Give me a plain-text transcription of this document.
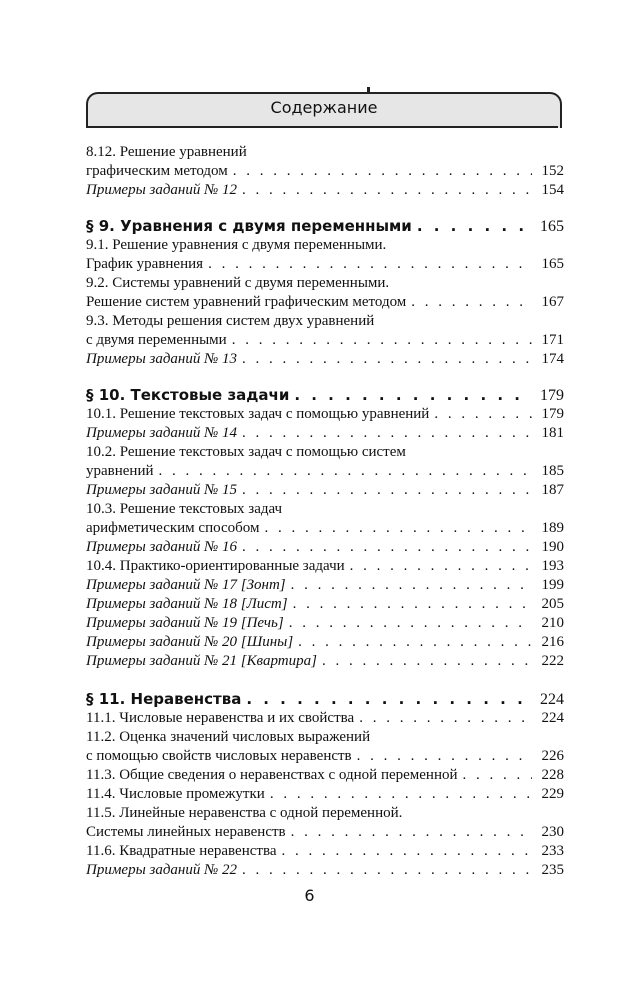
Содержание
8.12. Решение уравнений
графическим методом . . .	152
Примеры заданий № 12 . . .	154
§ 9. Уравнения с двумя переменными . . .	165
9.1. Решение уравнения с двумя переменными.
График уравнения . . .	165
9.2. Системы уравнений с двумя переменными.
Решение систем уравнений графическим методом . . .	167
9.3. Методы решения систем двух уравнений
с двумя переменными . . .	171
Примеры заданий № 13 . . .	174
§ 10. Текстовые задачи . . .	179
10.1. Решение текстовых задач с помощью уравнений . . .	179
Примеры заданий № 14 . . .	181
10.2. Решение текстовых задач с помощью систем
уравнений . . .	185
Примеры заданий № 15 . . .	187
10.3. Решение текстовых задач
арифметическим способом . . .	189
Примеры заданий № 16 . . .	190
10.4. Практико-ориентированные задачи . . .	193
Примеры заданий № 17 [Зонт] . . .	199
Примеры заданий № 18 [Лист] . . .	205
Примеры заданий № 19 [Печь] . . .	210
Примеры заданий № 20 [Шины] . . .	216
Примеры заданий № 21 [Квартира] . . .	222
§ 11. Неравенства . . .	224
11.1. Числовые неравенства и их свойства . . .	224
11.2. Оценка значений числовых выражений
с помощью свойств числовых неравенств . . .	226
11.3. Общие сведения о неравенствах с одной переменной . . .	228
11.4. Числовые промежутки . . .	229
11.5. Линейные неравенства с одной переменной.
Системы линейных неравенств . . .	230
11.6. Квадратные неравенства . . .	233
Примеры заданий № 22 . . .	235
6
